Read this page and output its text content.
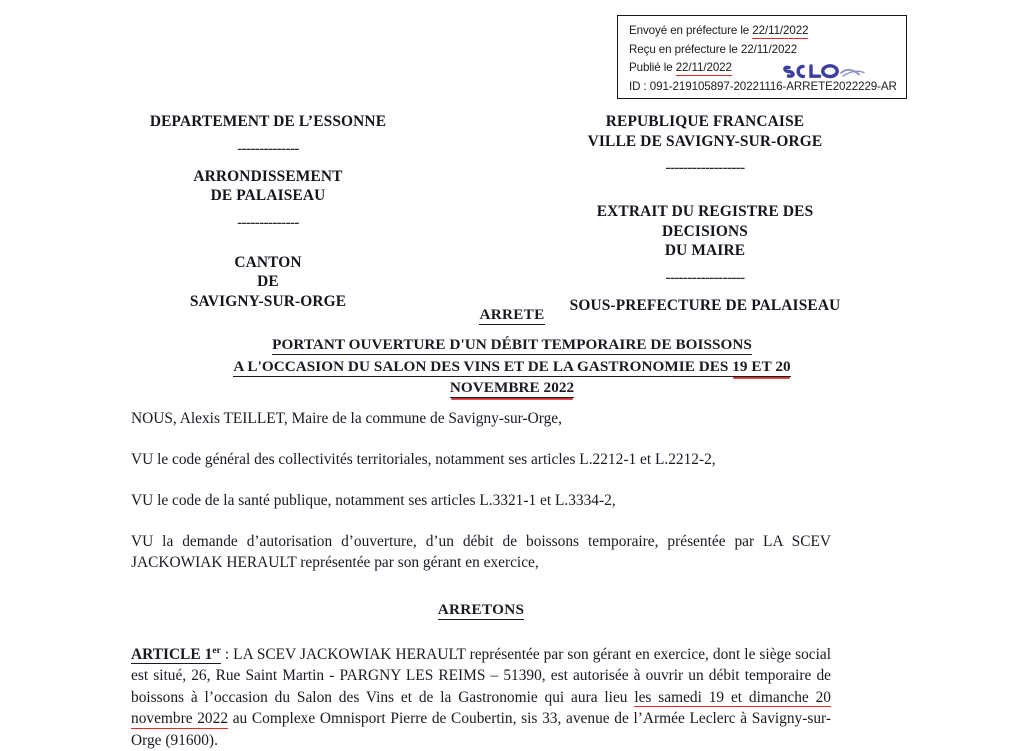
Envoyé en préfecture le 22/11/2022
Reçu en préfecture le 22/11/2022
Publié le 22/11/2022
ID : 091-219105897-20221116-ARRETE2022229-AR
DEPARTEMENT DE L’ESSONNE
--------------
ARRONDISSEMENT
DE PALAISEAU
--------------
CANTON
DE
SAVIGNY-SUR-ORGE
REPUBLIQUE FRANCAISE
VILLE DE SAVIGNY-SUR-ORGE
------------------
EXTRAIT DU REGISTRE DES
DECISIONS
DU MAIRE
------------------
SOUS-PREFECTURE DE PALAISEAU
ARRETE
PORTANT OUVERTURE D'UN DÉBIT TEMPORAIRE DE BOISSONS
A L'OCCASION DU SALON DES VINS ET DE LA GASTRONOMIE DES 19 ET 20
NOVEMBRE 2022

NOUS, Alexis TEILLET, Maire de la commune de Savigny-sur-Orge,

VU le code général des collectivités territoriales, notamment ses articles L.2212-1 et L.2212-2,

VU le code de la santé publique, notamment ses articles L.3321-1 et L.3334-2,

VU la demande d’autorisation d’ouverture, d’un débit de boissons temporaire, présentée par LA SCEV JACKOWIAK HERAULT représentée par son gérant en exercice,

ARRETONS

ARTICLE 1er : LA SCEV JACKOWIAK HERAULT représentée par son gérant en exercice, dont le siège social est situé, 26, Rue Saint Martin - PARGNY LES REIMS – 51390, est autorisée à ouvrir un débit temporaire de boissons à l’occasion du Salon des Vins et de la Gastronomie qui aura lieu les samedi 19 et dimanche 20 novembre 2022 au Complexe Omnisport Pierre de Coubertin, sis 33, avenue de l’Armée Leclerc à Savigny-sur-Orge (91600).
